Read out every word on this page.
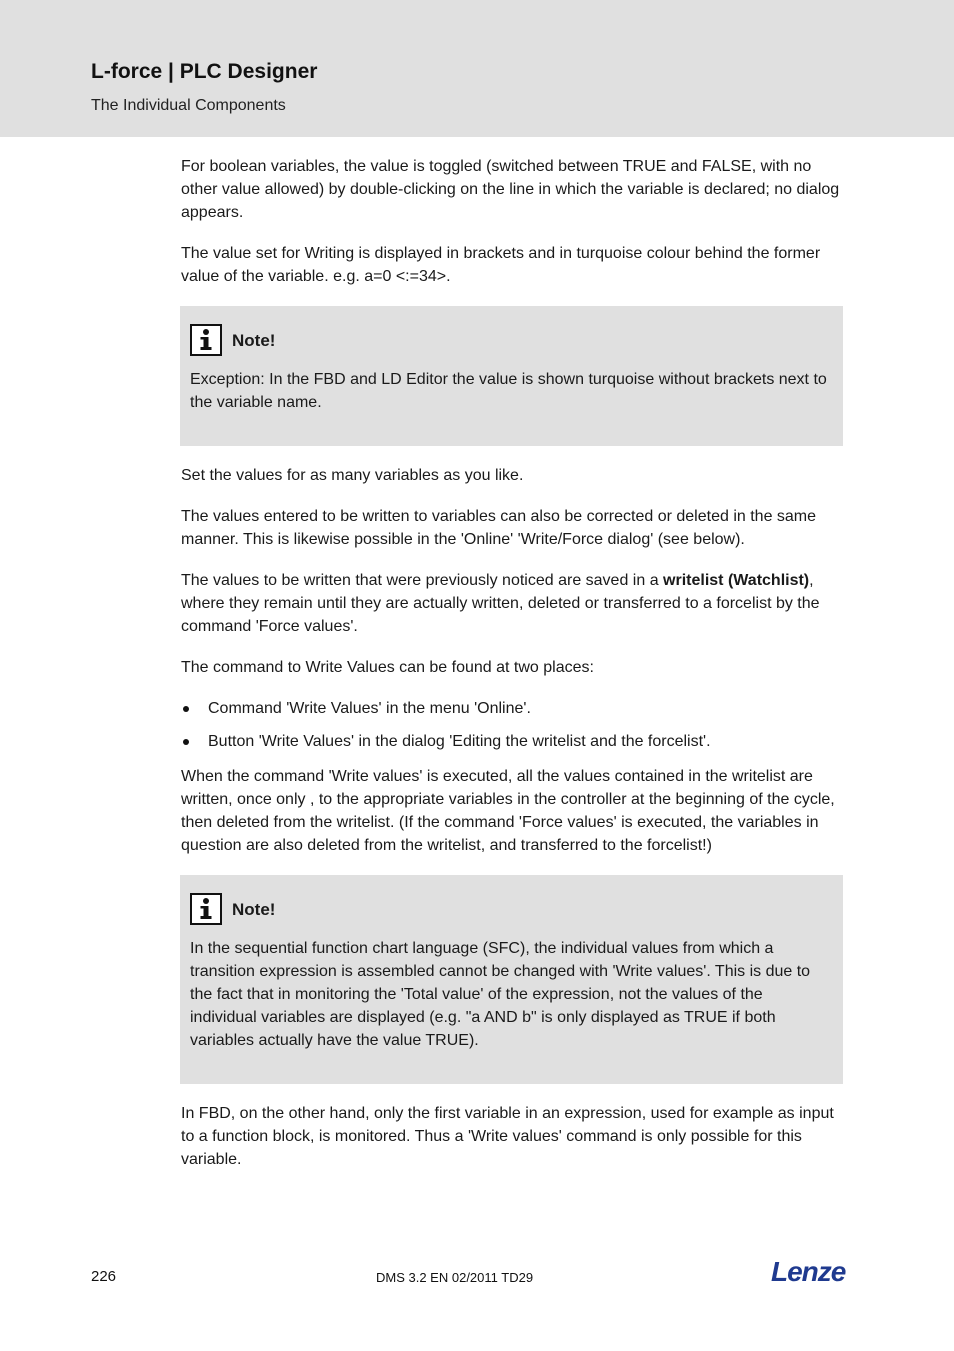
L-force | PLC Designer
The Individual Components

For boolean variables, the value is toggled (switched between TRUE and FALSE, with no other value allowed) by double-clicking on the line in which the variable is declared; no dialog appears.

The value set for Writing is displayed in brackets and in turquoise colour behind the former value of the variable. e.g. a=0 <:=34>.

Note!

Exception: In the FBD and LD Editor the value is shown turquoise without brackets next to the variable name.

Set the values for as many variables as you like.

The values entered to be written to variables can also be corrected or deleted in the same manner. This is likewise possible in the 'Online' 'Write/Force dialog' (see below).

The values to be written that were previously noticed are saved in a writelist (Watchlist), where they remain until they are actually written, deleted or transferred to a forcelist by the command 'Force values'.

The command to Write Values can be found at two places:

Command 'Write Values' in the menu 'Online'.
Button 'Write Values' in the dialog 'Editing the writelist and the forcelist'.

When the command 'Write values' is executed, all the values contained in the writelist are written, once only , to the appropriate variables in the controller at the beginning of the cycle, then deleted from the writelist. (If the command 'Force values' is executed, the variables in question are also deleted from the writelist, and transferred to the forcelist!)

Note!

In the sequential function chart language (SFC), the individual values from which a transition expression is assembled cannot be changed with 'Write values'. This is due to the fact that in monitoring the 'Total value' of the expression, not the values of the individual variables are displayed (e.g. "a AND b" is only displayed as TRUE if both variables actually have the value TRUE).

In FBD, on the other hand, only the first variable in an expression, used for example as input to a function block, is monitored. Thus a 'Write values' command is only possible for this variable.

226	DMS 3.2 EN 02/2011 TD29	Lenze
